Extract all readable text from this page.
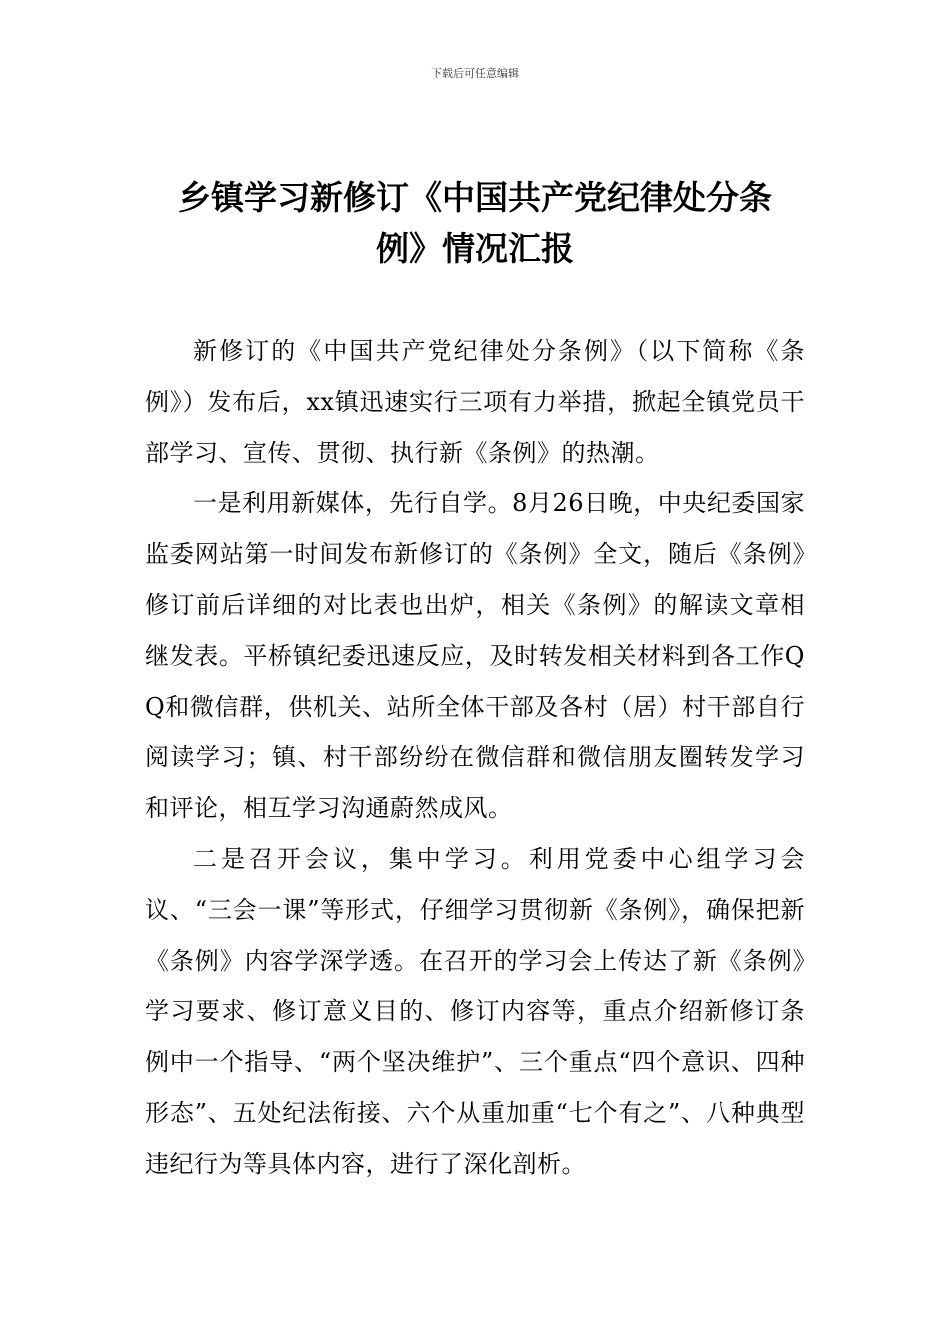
下载后可任意编辑
乡镇学习新修订《中国共产党纪律处分条
例》情况汇报

新修订的《中国共产党纪律处分条例》（以下简称《条例》）发布后，xx镇迅速实行三项有力举措，掀起全镇党员干部学习、宣传、贯彻、执行新《条例》的热潮。

一是利用新媒体，先行自学。8月26日晚，中央纪委国家监委网站第一时间发布新修订的《条例》全文，随后《条例》修订前后详细的对比表也出炉，相关《条例》的解读文章相继发表。平桥镇纪委迅速反应，及时转发相关材料到各工作QQ和微信群，供机关、站所全体干部及各村（居）村干部自行阅读学习；镇、村干部纷纷在微信群和微信朋友圈转发学习和评论，相互学习沟通蔚然成风。

二是召开会议，集中学习。利用党委中心组学习会议、“三会一课”等形式，仔细学习贯彻新《条例》，确保把新《条例》内容学深学透。在召开的学习会上传达了新《条例》学习要求、修订意义目的、修订内容等，重点介绍新修订条例中一个指导、“两个坚决维护”、三个重点“四个意识、四种形态”、五处纪法衔接、六个从重加重“七个有之”、八种典型违纪行为等具体内容，进行了深化剖析。
